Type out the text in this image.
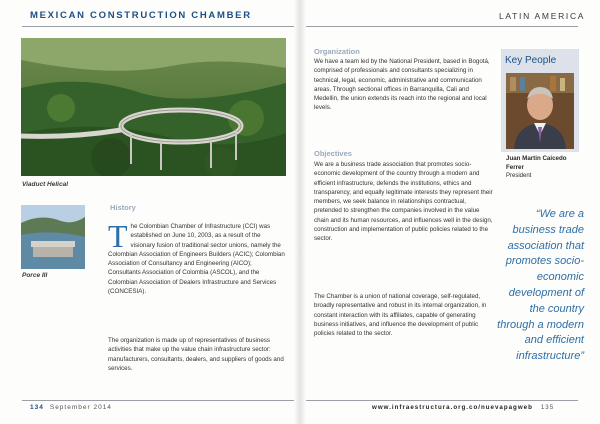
MEXICAN CONSTRUCTION CHAMBER
Viaduct Helical
Porce III
History

The Colombian Chamber of Infrastructure (CCI) was established on June 10, 2003, as a result of the visionary fusion of traditional sector unions, namely the Colombian Association of Engineers Builders (ACIC); Colombian Association of Consultancy and Engineering (AICO); Consultants Association of Colombia (ASCOL), and the Colombian Association of Dealers Infrastructure and Services (CONCESIA).

The organization is made up of representatives of business activities that make up the value chain infrastructure sector: manufacturers, consultants, dealers, and suppliers of goods and services.

134 September 2014
LATIN AMERICA
Organization

We have a team led by the National President, based in Bogotá, comprised of professionals and consultants specializing in technical, legal, economic, administrative and communication areas. Through sectional offices in Barranquilla, Cali and Medellin, the union extends its reach into the regional and local levels.

Objectives

We are a business trade association that promotes socio-economic development of the country through a modern and efficient infrastructure, defends the institutions, ethics and transparency, and equally legitimate interests they represent their members, we seek balance in relationships contractual, pretended to strengthen the companies involved in the value chain and its human resources, and influences well in the design, construction and implementation of public policies related to the sector.

The Chamber is a union of national coverage, self-regulated, broadly representative and robust in its internal organization, in constant interaction with its affiliates, capable of generating business initiatives, and influence the development of public policies related to the sector.

Key People
Juan Martin Caicedo Ferrer
President

“We are a business trade association that promotes socio-economic development of the country through a modern and efficient infrastructure”

www.infraestructura.org.co/nuevapagweb 135
